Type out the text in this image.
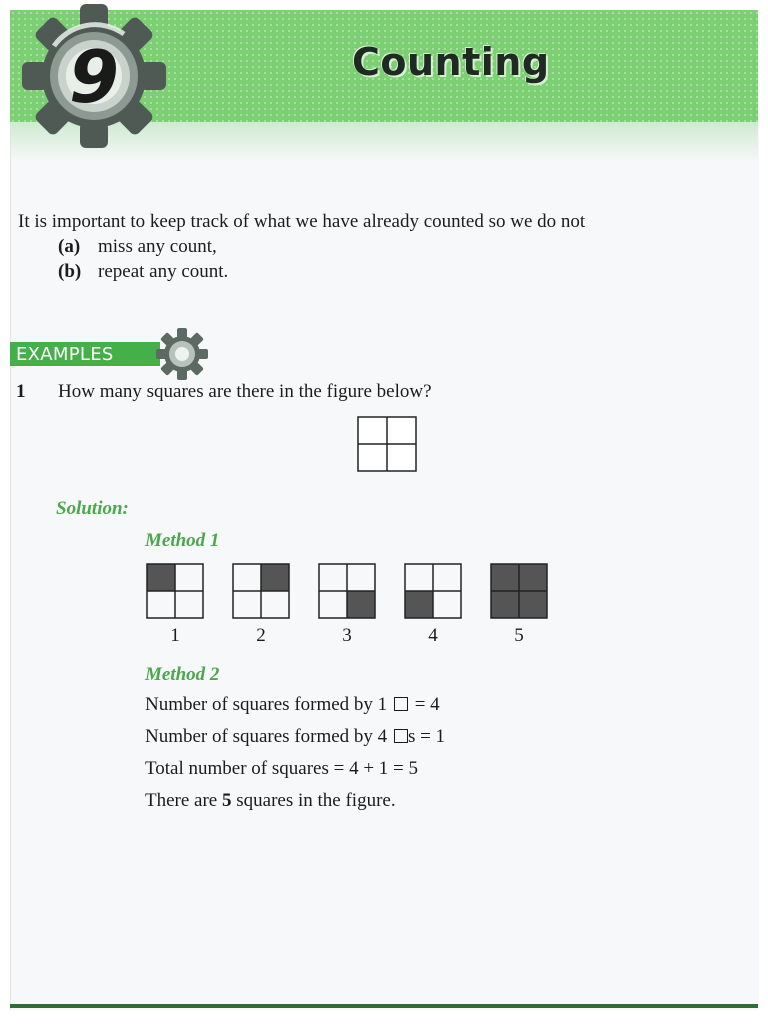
9	Counting
It is important to keep track of what we have already counted so we do not
(a) miss any count,
(b) repeat any count.
EXAMPLES
1 How many squares are there in the figure below?
Solution:
Method 1
1	2	3	4	5
Method 2
Number of squares formed by 1 = 4
Number of squares formed by 4 s = 1
Total number of squares = 4 + 1 = 5
There are 5 squares in the figure.
